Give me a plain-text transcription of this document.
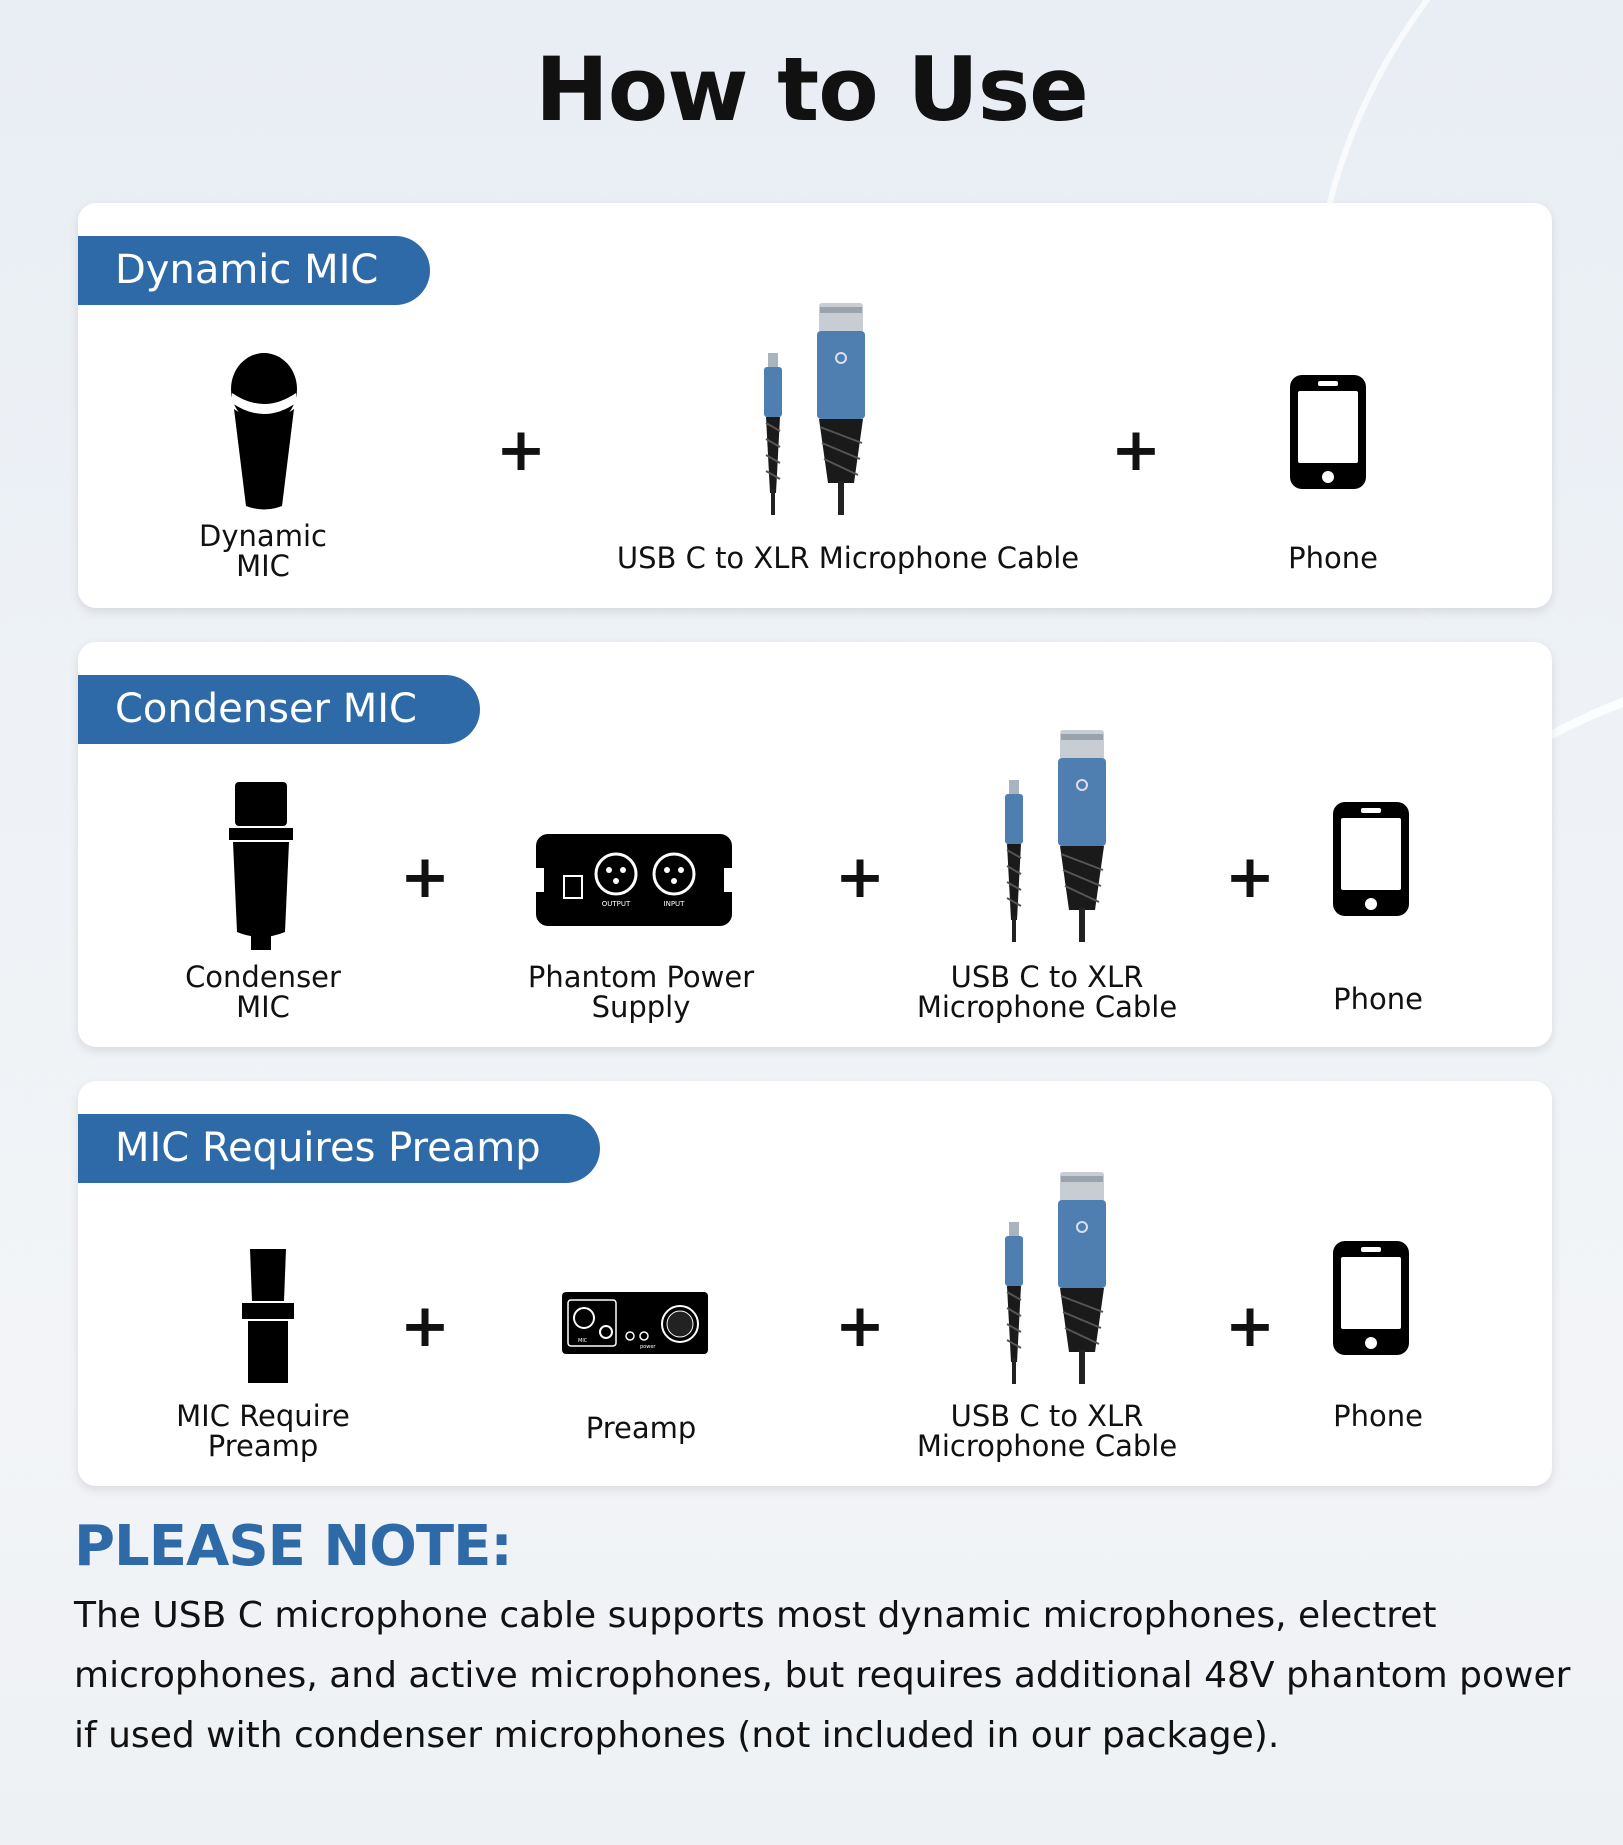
How to Use
Dynamic MIC
Dynamic
MIC
+
USB C to XLR Microphone Cable
+
Phone
Condenser MIC
Condenser
MIC
+	OUTPUT	INPUT
Phantom Power
Supply
+
USB C to XLR
Microphone Cable
+
Phone
MIC Requires Preamp
MIC Require
Preamp
+	MIC
power
Preamp
+
USB C to XLR
Microphone Cable
+
Phone
PLEASE NOTE:

The USB C microphone cable supports most dynamic microphones, electret microphones, and active microphones, but requires additional 48V phantom power if used with condenser microphones (not included in our package).
